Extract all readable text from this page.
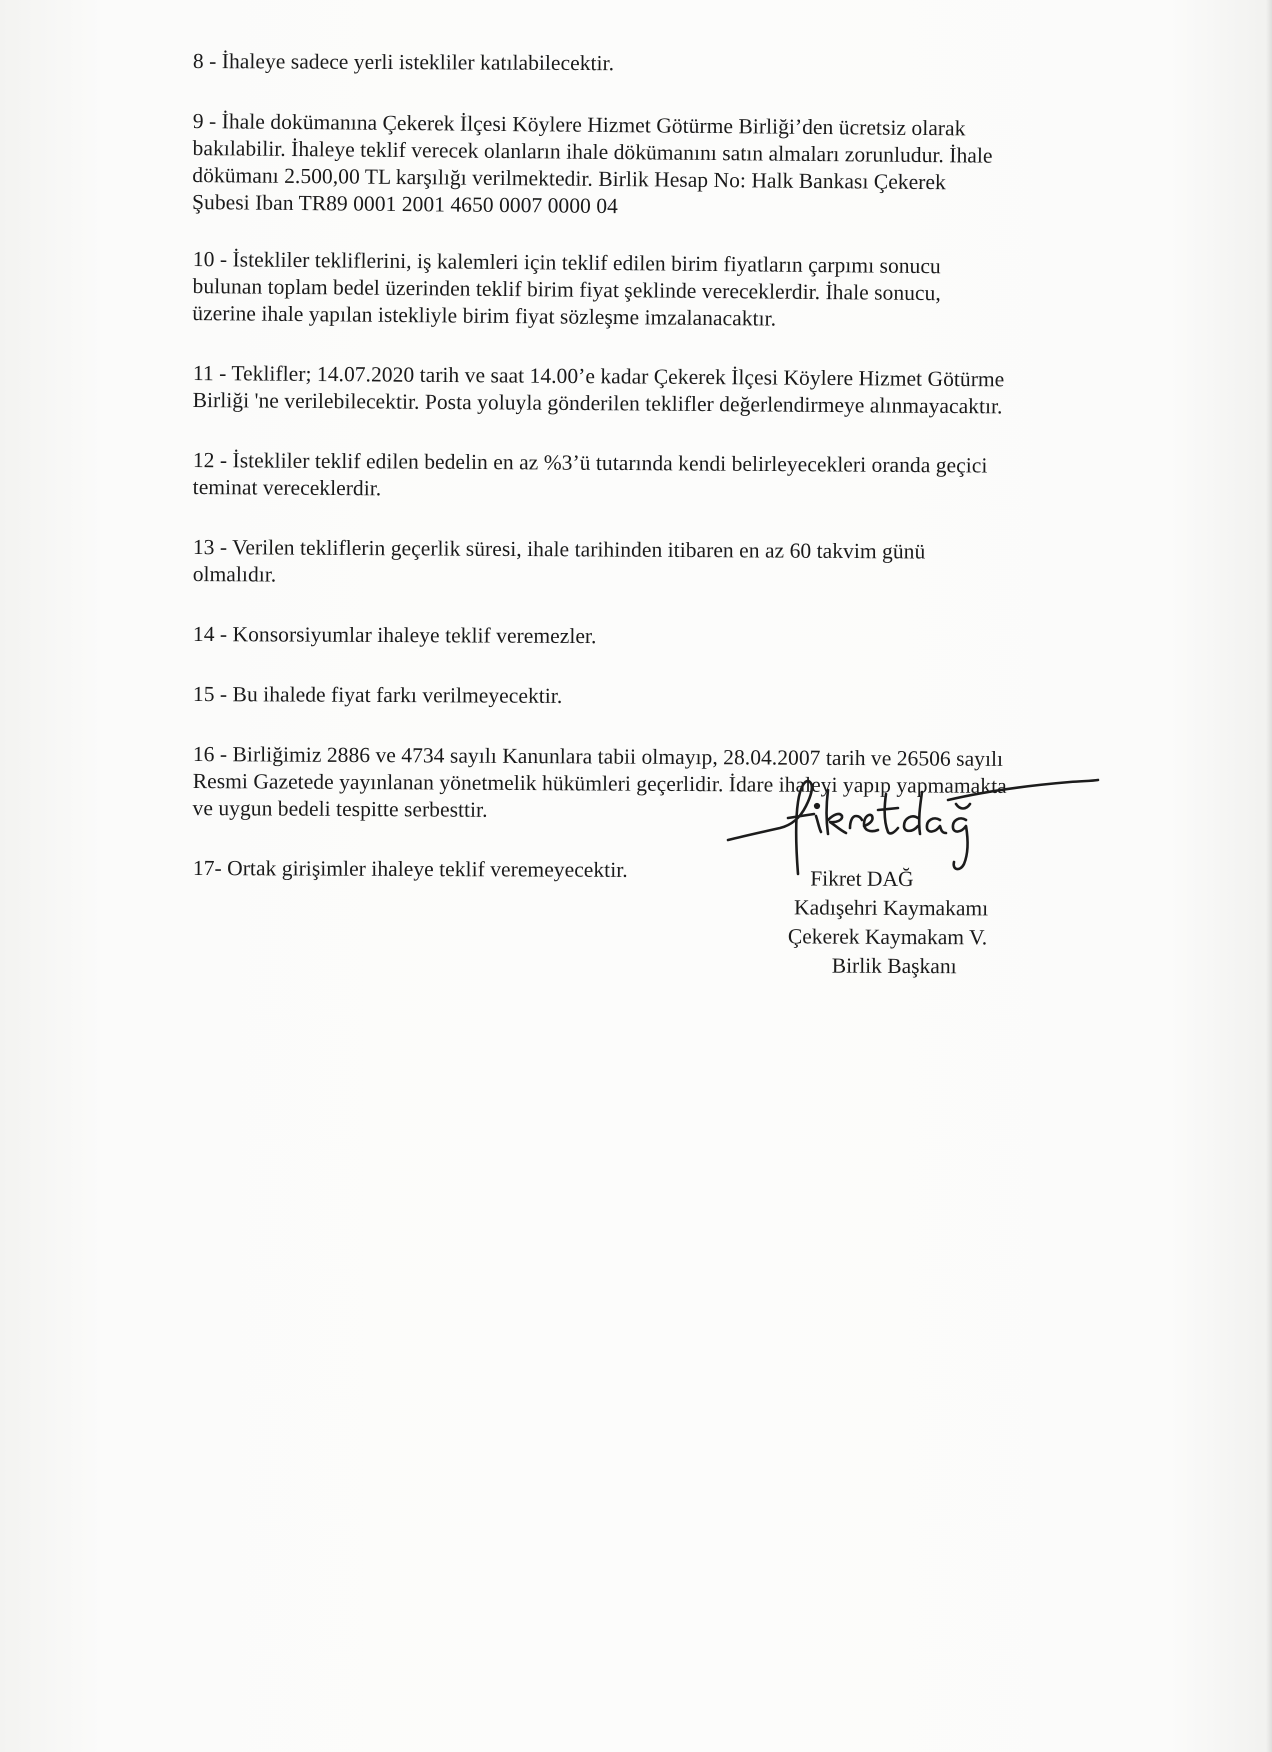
8 - İhaleye sadece yerli istekliler katılabilecektir.
9 - İhale dokümanına Çekerek İlçesi Köylere Hizmet Götürme Birliği’den ücretsiz olarak
bakılabilir. İhaleye teklif verecek olanların ihale dökümanını satın almaları zorunludur. İhale
dökümanı 2.500,00 TL karşılığı verilmektedir. Birlik Hesap No: Halk Bankası Çekerek
Şubesi Iban TR89 0001 2001 4650 0007 0000 04
10 - İstekliler tekliflerini, iş kalemleri için teklif edilen birim fiyatların çarpımı sonucu
bulunan toplam bedel üzerinden teklif birim fiyat şeklinde vereceklerdir. İhale sonucu,
üzerine ihale yapılan istekliyle birim fiyat sözleşme imzalanacaktır.
11 - Teklifler; 14.07.2020 tarih ve saat 14.00’e kadar Çekerek İlçesi Köylere Hizmet Götürme
Birliği 'ne verilebilecektir. Posta yoluyla gönderilen teklifler değerlendirmeye alınmayacaktır.
12 - İstekliler teklif edilen bedelin en az %3’ü tutarında kendi belirleyecekleri oranda geçici
teminat vereceklerdir.
13 - Verilen tekliflerin geçerlik süresi, ihale tarihinden itibaren en az 60 takvim günü
olmalıdır.
14 - Konsorsiyumlar ihaleye teklif veremezler.
15 - Bu ihalede fiyat farkı verilmeyecektir.
16 - Birliğimiz 2886 ve 4734 sayılı Kanunlara tabii olmayıp, 28.04.2007 tarih ve 26506 sayılı
Resmi Gazetede yayınlanan yönetmelik hükümleri geçerlidir. İdare ihaleyi yapıp yapmamakta
ve uygun bedeli tespitte serbesttir.
17- Ortak girişimler ihaleye teklif veremeyecektir.	Fikret DAĞ
Kadışehri Kaymakamı
Çekerek Kaymakam V.
Birlik Başkanı
